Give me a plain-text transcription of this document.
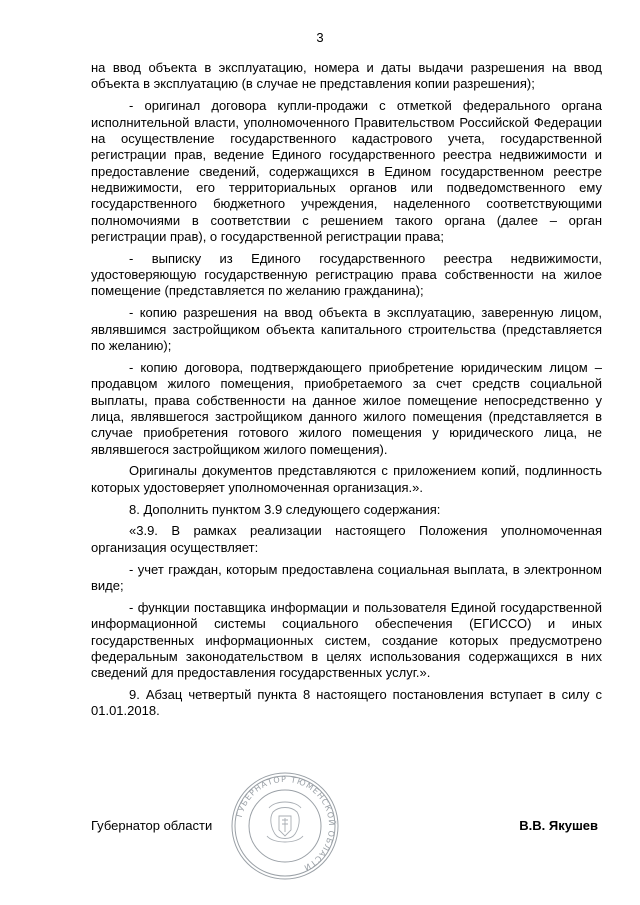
3

на ввод объекта в эксплуатацию, номера и даты выдачи разрешения на ввод объекта в эксплуатацию (в случае не представления копии разрешения);

- оригинал договора купли-продажи с отметкой федерального органа исполнительной власти, уполномоченного Правительством Российской Федерации на осуществление государственного кадастрового учета, государственной регистрации прав, ведение Единого государственного реестра недвижимости и предоставление сведений, содержащихся в Едином государственном реестре недвижимости, его территориальных органов или подведомственного ему государственного бюджетного учреждения, наделенного соответствующими полномочиями в соответствии с решением такого органа (далее – орган регистрации прав), о государственной регистрации права;

- выписку из Единого государственного реестра недвижимости, удостоверяющую государственную регистрацию права собственности на жилое помещение (представляется по желанию гражданина);

- копию разрешения на ввод объекта в эксплуатацию, заверенную лицом, являвшимся застройщиком объекта капитального строительства (представляется по желанию);

- копию договора, подтверждающего приобретение юридическим лицом – продавцом жилого помещения, приобретаемого за счет средств социальной выплаты, права собственности на данное жилое помещение непосредственно у лица, являвшегося застройщиком данного жилого помещения (представляется в случае приобретения готового жилого помещения у юридического лица, не являвшегося застройщиком жилого помещения).

Оригиналы документов представляются с приложением копий, подлинность которых удостоверяет уполномоченная организация.».

8. Дополнить пунктом 3.9 следующего содержания:

«3.9. В рамках реализации настоящего Положения уполномоченная организация осуществляет:

- учет граждан, которым предоставлена социальная выплата, в электронном виде;

- функции поставщика информации и пользователя Единой государственной информационной системы социального обеспечения (ЕГИССО) и иных государственных информационных систем, создание которых предусмотрено федеральным законодательством в целях использования содержащихся в них сведений для предоставления государственных услуг.».

9. Абзац четвертый пункта 8 настоящего постановления вступает в силу с 01.01.2018.

ГУБЕРНАТОР ТЮМЕНСКОЙ ОБЛАСТИ
Губернатор области	В.В. Якушев
